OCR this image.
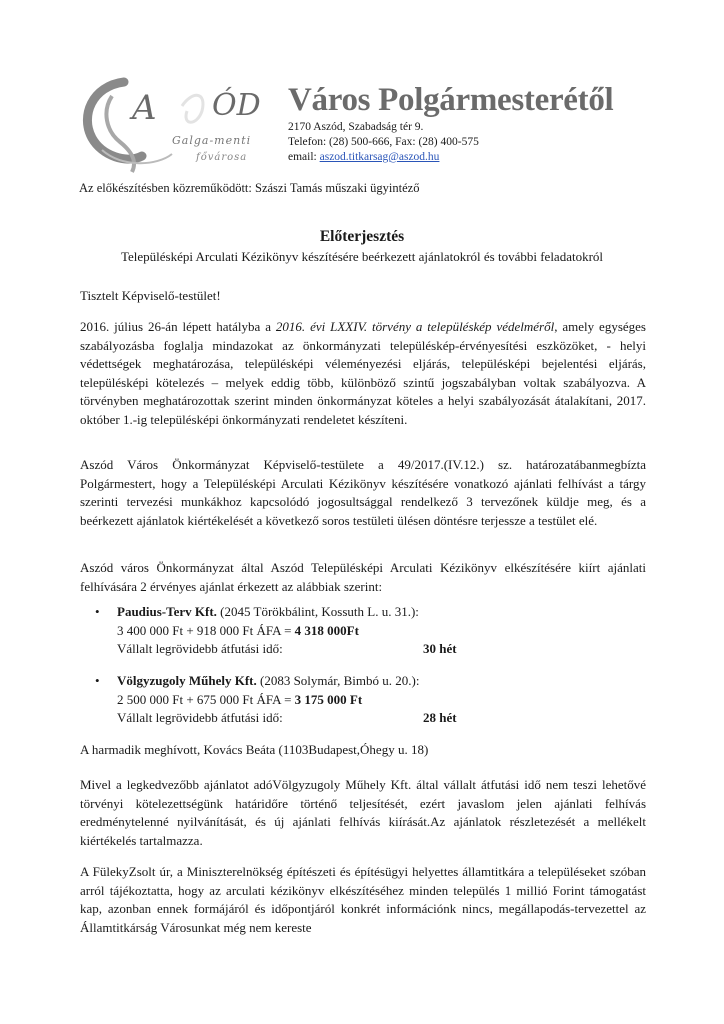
A ÓD
Galga-menti
fővárosa
Város Polgármesterétől
2170 Aszód, Szabadság tér 9.
Telefon: (28) 500-666, Fax: (28) 400-575
email: aszod.titkarsag@aszod.hu
Az előkészítésben közreműködött: Szászi Tamás műszaki ügyintéző
Előterjesztés
Településképi Arculati Kézikönyv készítésére beérkezett ajánlatokról és további feladatokról
Tisztelt Képviselő-testület!
2016. július 26-án lépett hatályba a 2016. évi LXXIV. törvény a településkép védelméről, amely egységes szabályozásba foglalja mindazokat az önkormányzati településkép-érvényesítési eszközöket, - helyi védettségek meghatározása, településképi véleményezési eljárás, településképi bejelentési eljárás, településképi kötelezés – melyek eddig több, különböző szintű jogszabályban voltak szabályozva. A törvényben meghatározottak szerint minden önkormányzat köteles a helyi szabályozását átalakítani, 2017. október 1.-ig településképi önkormányzati rendeletet készíteni.
Aszód Város Önkormányzat Képviselő-testülete a 49/2017.(IV.12.) sz. határozatábanmegbízta Polgármestert, hogy a Településképi Arculati Kézikönyv készítésére vonatkozó ajánlati felhívást a tárgy szerinti tervezési munkákhoz kapcsolódó jogosultsággal rendelkező 3 tervezőnek küldje meg, és a beérkezett ajánlatok kiértékelését a következő soros testületi ülésen döntésre terjessze a testület elé.
Aszód város Önkormányzat által Aszód Településképi Arculati Kézikönyv elkészítésére kiírt ajánlati felhívására 2 érvényes ajánlat érkezett az alábbiak szerint:
• Paudius-Terv Kft. (2045 Törökbálint, Kossuth L. u. 31.):
3 400 000 Ft + 918 000 Ft ÁFA = 4 318 000Ft
Vállalt legrövidebb átfutási idő:	30 hét
• Völgyzugoly Műhely Kft. (2083 Solymár, Bimbó u. 20.):
2 500 000 Ft + 675 000 Ft ÁFA = 3 175 000 Ft
Vállalt legrövidebb átfutási idő:	28 hét
A harmadik meghívott, Kovács Beáta (1103Budapest,Óhegy u. 18)
Mivel a legkedvezőbb ajánlatot adóVölgyzugoly Műhely Kft. által vállalt átfutási idő nem teszi lehetővé törvényi kötelezettségünk határidőre történő teljesítését, ezért javaslom jelen ajánlati felhívás eredménytelenné nyilvánítását, és új ajánlati felhívás kiírását.Az ajánlatok részletezését a mellékelt kiértékelés tartalmazza.
A FülekyZsolt úr, a Miniszterelnökség építészeti és építésügyi helyettes államtitkára a településeket szóban arról tájékoztatta, hogy az arculati kézikönyv elkészítéséhez minden település 1 millió Forint támogatást kap, azonban ennek formájáról és időpontjáról konkrét információnk nincs, megállapodás-tervezettel az Államtitkárság Városunkat még nem kereste
